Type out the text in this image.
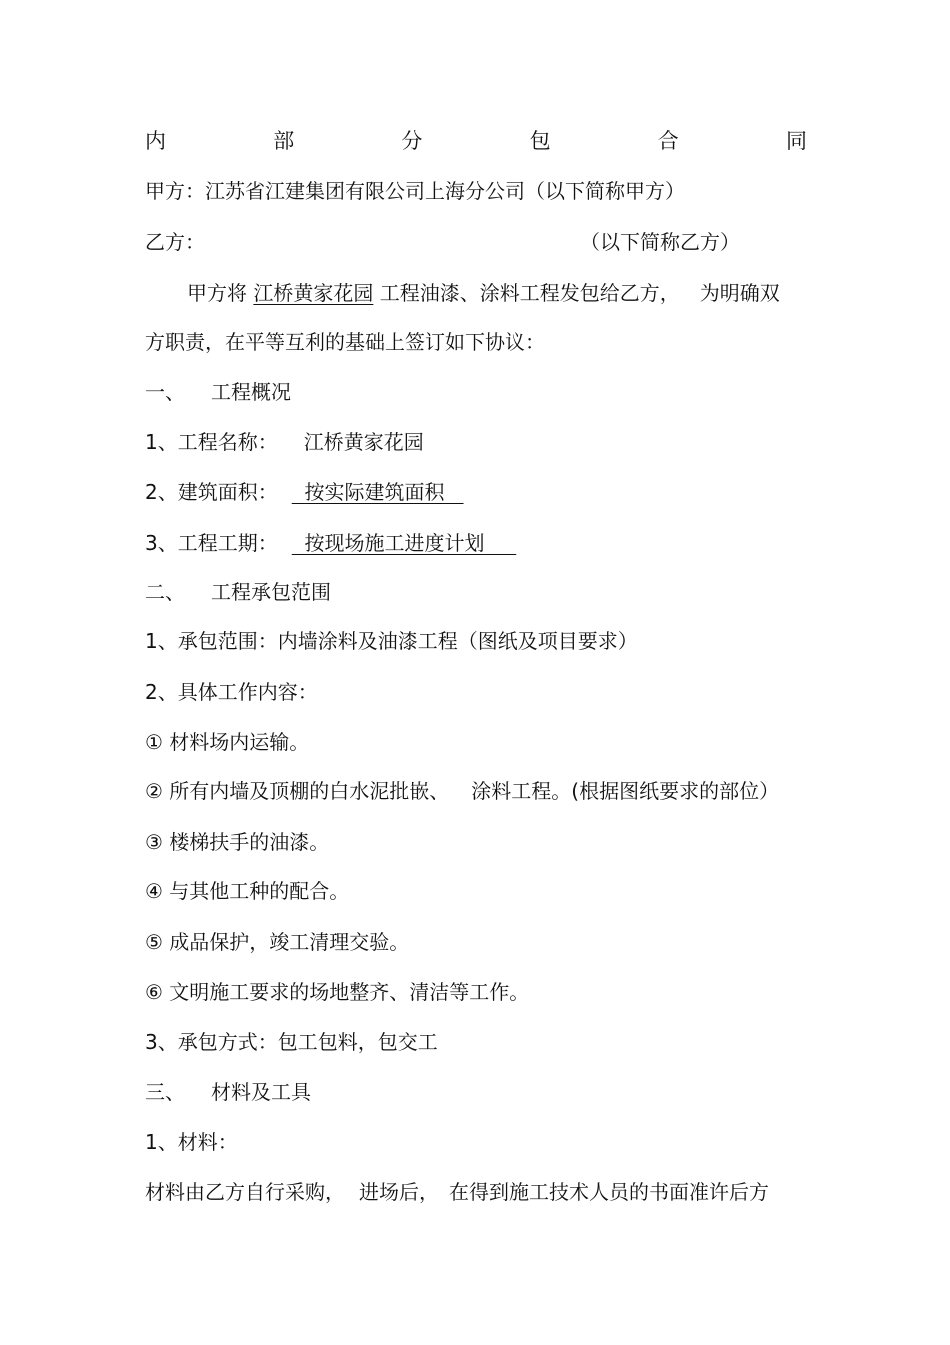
内	部	分	包	合	同
甲方：江苏省江建集团有限公司上海分公司（以下简称甲方）
乙方：	（以下简称乙方）
甲方将 江桥黄家花园 工程油漆、涂料工程发包给乙方， 为明确双
方职责，在平等互利的基础上签订如下协议：
一、 工程概况
1、工程名称： 江桥黄家花园
2、建筑面积： 按实际建筑面积
3、工程工期： 按现场施工进度计划
二、 工程承包范围
1、承包范围：内墙涂料及油漆工程（图纸及项目要求）
2、具体工作内容：
① 材料场内运输。
② 所有内墙及顶棚的白水泥批嵌、 涂料工程。(根据图纸要求的部位）
③ 楼梯扶手的油漆。
④ 与其他工种的配合。
⑤ 成品保护，竣工清理交验。
⑥ 文明施工要求的场地整齐、清洁等工作。
3、承包方式：包工包料，包交工
三、 材料及工具
1、材料：
材料由乙方自行采购， 进场后， 在得到施工技术人员的书面准许后方
